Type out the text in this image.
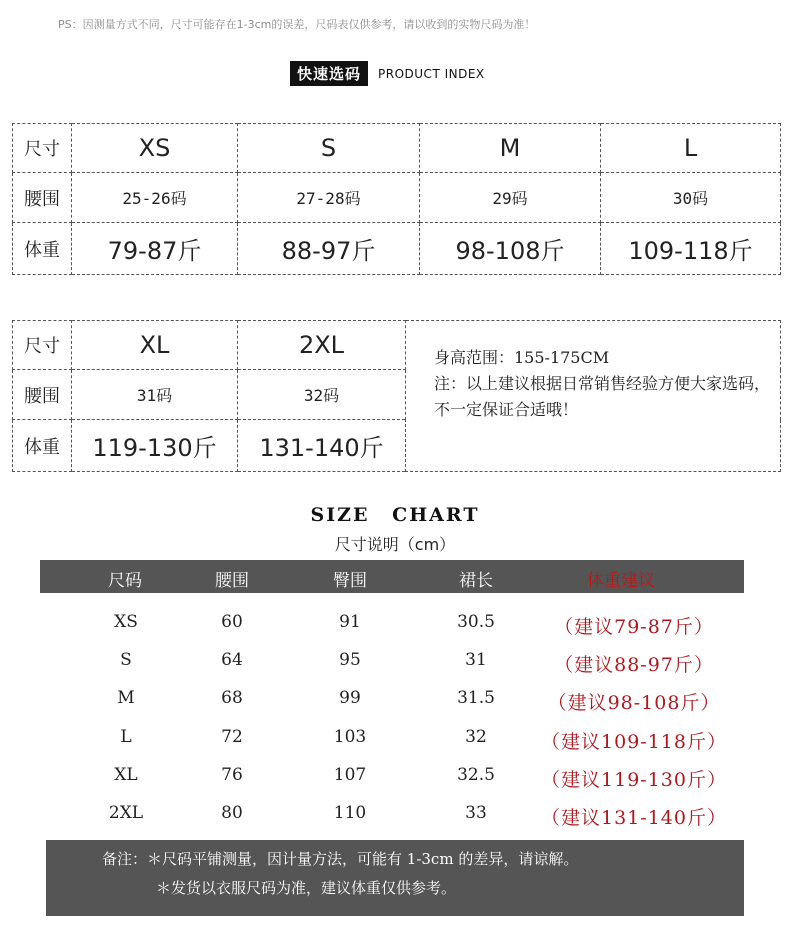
PS：因测量方式不同，尺寸可能存在1-3cm的误差，尺码表仅供参考，请以收到的实物尺码为准！
快速选码	PRODUCT INDEX
尺寸	XS	S	M	L
腰围	25-26码	27-28码	29码	30码
体重	79-87斤	88-97斤	98-108斤	109-118斤
尺寸	XL	2XL	身高范围：155-175CM
注：以上建议根据日常销售经验方便大家选码，不一定保证合适哦！

腰围	31码	32码	
体重	119-130斤	131-140斤	
SIZE CHART
尺寸说明（cm）
尺码	腰围	臀围	裙长	体重建议
XS	60	91	30.5	（建议79-87斤）
S	64	95	31	（建议88-97斤）
M	68	99	31.5	（建议98-108斤）
L	72	103	32	（建议109-118斤）
XL	76	107	32.5 （建议119-130斤）
2XL	80	110	33	（建议131-140斤）
备注：＊尺码平铺测量，因计量方法，可能有 1-3cm 的差异，请谅解。
＊发货以衣服尺码为准，建议体重仅供参考。
